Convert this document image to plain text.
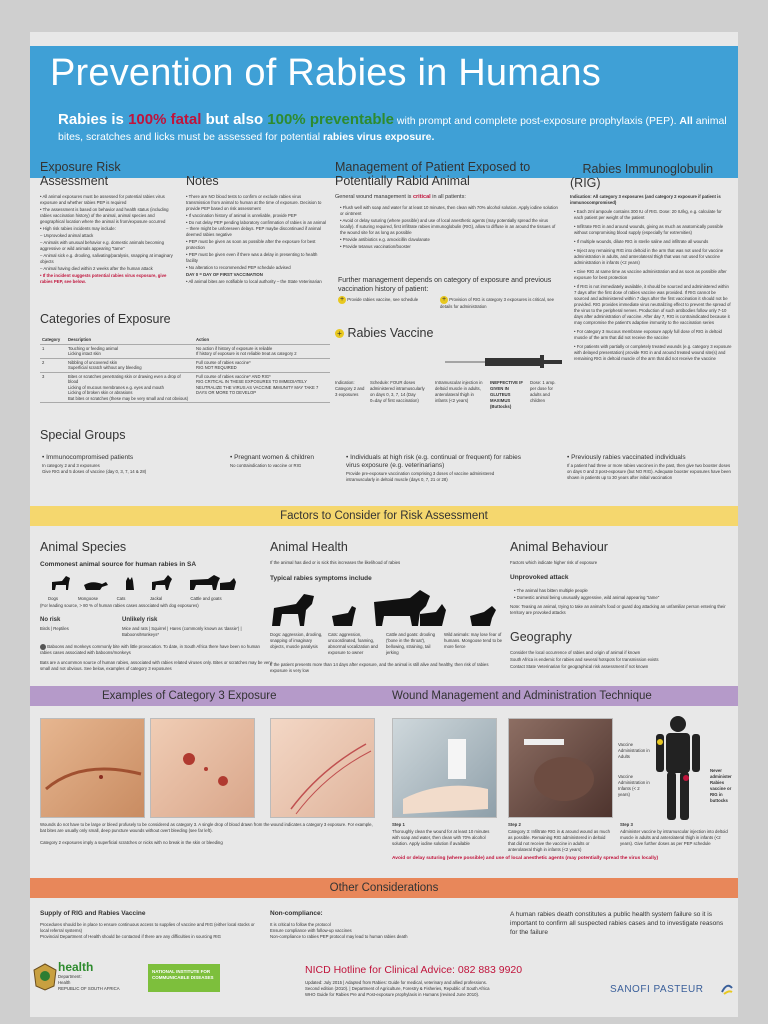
Prevention of Rabies in Humans
Rabies is 100% fatal but also 100% preventable with prompt and complete post-exposure prophylaxis (PEP). All animal bites, scratches and licks must be assessed for potential rabies virus exposure.
Exposure Risk Assessment

• All animal exposures must be assessed for potential rabies virus exposure and whether rabies PEP is required

• The assessment is based on behavior and health status (including rabies vaccination history) of the animal, animal species and geographical location where the animal is from/exposure occurred

• High risk rabies incidents may include:

– Unprovoked animal attack

– Animals with unusual behavior e.g. domestic animals becoming aggressive or wild animals appearing "tame"

– Animal sick e.g. drooling, salivating/paralysis, snapping at imaginary objects

– Animal having died within 2 weeks after the human attack

• If the incident suggests potential rabies virus exposure, give rabies PEP, see below.

Notes

• There are NO blood tests to confirm or exclude rabies virus transmission from animal to human at the time of exposure. Decision to provide PEP based on risk assessment

• If vaccination history of animal is unreliable, provide PEP

• Do not delay PEP pending laboratory confirmation of rabies in an animal – there might be unforeseen delays. PEP maybe discontinued if animal deemed rabies negative

• PEP must be given as soon as possible after the exposure for best protection

• PEP must be given even if there was a delay in presenting to health facility

• No alteration to recommended PEP schedule advised

DAY 0 = DAY OF FIRST VACCINATION

• All animal bites are notifiable to local authority – the State Veterinarian

Categories of Exposure
Category	Description	Action
1	Touching or feeding animal
Licking intact skin	No action if history of exposure is reliable
If history of exposure is not reliable treat as category 2
2	Nibbling of uncovered skin
Superficial scratch without any bleeding	Full course of rabies vaccine*
RIG NOT REQUIRED
3	Bites or scratches penetrating skin or drawing even a drop of blood
Licking of mucous membranes e.g. eyes and mouth
Licking of broken skin or abrasions
Bat bites or scratches (these may be very small and not obvious)	Full course of rabies vaccine* AND RIG*
RIG CRITICAL IN THESE EXPOSURES TO IMMEDIATELY NEUTRALIZE THE VIRUS AS VACCINE IMMUNITY MAY TAKE 7 DAYS OR MORE TO DEVELOP
Management of Patient Exposed to Potentially Rabid Animal
General wound management is critical in all patients:

• Flush well with soap and water for at least 10 minutes, then clean with 70% alcohol solution. Apply iodine solution or ointment

• Avoid or delay suturing (where possible) and use of local anesthetic agents (may potentially spread the virus locally). If suturing required, first infiltrate rabies immunoglobulin (RIG), allow to diffuse in an around the tissues of the wound site for as long as possible

• Provide antibiotics e.g. amoxicillin clavulanate

• Provide tetanus vaccination/booster

Further management depends on category of exposure and previous vaccination history of patient:
+ Provide rabies vaccine, see schedule	+ Provision of RIG is category 3 exposures is critical, see details for administration
+ Rabies Vaccine
Indication: Category 2 and 3 exposures
Schedule: FOUR doses administered intramuscularly on days 0, 3, 7, 14 (Day 0=day of first vaccination)
Intramuscular injection in deltoid muscle in adults, anterolateral thigh in infants (<2 years)
INEFFECTIVE IF GIVEN IN GLUTEUS MAXIMUS (Buttocks)
Dose: 1 amp. per dose for adults and children
Rabies Immunoglobulin (RIG)
Indication: All category 3 exposures (and category 2 exposure if patient is immunocompromised)

• Each 2ml ampoule contains 300 IU of RIG. Dose: 20 IU/kg, e.g. calculate for each patient per weight of the patient

• Infiltrate RIG in and around wounds, giving as much as anatomically possible without compromising blood supply (especially for extremities)

• If multiple wounds, dilute RIG in sterile saline and infiltrate all wounds

• Inject any remaining RIG into deltoid in the arm that was not used for vaccine administration in adults, and anterolateral thigh that was not used for vaccine administration in infants (<2 years)

• Give RIG at same time as vaccine administration and as soon as possible after exposure for best protection

• If RIG is not immediately available, it should be sourced and administered within 7 days after the first dose of rabies vaccine was provided. If RIG cannot be sourced and administered within 7 days after the first vaccination it should not be provided. RIG provides immediate virus neutralizing effect to prevent the spread of the virus to the peripheral nerves. Production of such antibodies follow only 7-10 days after administration of vaccine. After day 7, RIG is contraindicated because it may compromise the patient's adaptive immunity to the vaccination series

• For category 3 mucous membrane exposure apply full dose of RIG in deltoid muscle of the arm that did not receive the vaccine

• For patients with partially or completely treated wounds (e.g. category 3 exposure with delayed presentation) provide RIG in and around treated wound site(s) and remaining RIG in deltoid muscle of the arm that did not receive the vaccine

Special Groups

• Immunocompromised patients

In category 2 and 3 exposures
Give RIG and 5 doses of vaccine (day 0, 3, 7, 14 & 28)

• Pregnant women & children

No contraindication to vaccine or RIG

• Individuals at high risk (e.g. continual or frequent) for rabies virus exposure (e.g. veterinarians)

Provide pre-exposure vaccination comprising 3 doses of vaccine administered intramuscularly in deltoid muscle (days 0, 7, 21 or 28)

• Previously rabies vaccinated individuals

If a patient had three or more rabies vaccines in the past, then give two booster doses on days 0 and 3 post-exposure (but NO RIG). Adequate booster exposures have been shown in patients up to 30 years after initial vaccination

Factors to Consider for Risk Assessment
Animal Species
Commonest animal source for human rabies in SA
Dogs	Mongoose	Cats	Jackal	Cattle and goats
(For leading source, > 80 % of human rabies cases associated with dog exposures)
No risk
Birds | Reptiles
Unlikely risk
Mice and rats | Squirrel | Hares (commonly known as 'dassie') | Baboons/Monkeys*
Baboons and monkeys commonly bite with little provocation. To date, in South Africa there have been no human rabies cases associated with baboons/monkeys
Bats are a uncommon source of human rabies, associated with rabies related viruses only. Bites or scratches may be very small and not obvious. See below, examples of category 3 exposures
Animal Health
If the animal has died or is sick this increases the likelihood of rabies
Typical rabies symptoms include
Dogs: aggression, drooling, snapping of imaginary objects, muscle paralysis
Cats: aggression, uncoordinated, foaming, abnormal vocalization and exposure to owner
Cattle and goats: drooling ('bone in the throat'), bellowing, straining, tail jerking
Wild animals: may lose fear of humans. Mongoose tend to be more fierce
If the patient presents more than 14 days after exposure, and the animal is still alive and healthy, then risk of rabies exposure is very low
Animal Behaviour
Factors which indicate higher risk of exposure
Unprovoked attack

• The animal has bitten multiple people

• Domestic animal being unusually aggressive, wild animal appearing "tame"

Note: Teasing an animal, trying to take an animal's food or guard dog attacking an unfamiliar person entering their territory are provoked attacks
Geography

Consider the local occurrence of rabies and origin of animal if known

South Africa is endemic for rabies and several hotspots for transmission exists

Contact State Veterinarian for geographical risk assessment if not known

Examples of Category 3 Exposure	Wound Management and Administration Technique
Vaccine Administration in Adults
Vaccine Administration in Infants (< 2 years)
Never administer Rabies vaccine or RIG in buttocks
Wounds do not have to be large or bleed profusely to be considered as category 3. A single drop of blood drawn from the wound indicates a category 3 exposure. For example, bat bites are usually only small, deep puncture wounds without overt bleeding (see far left).
Category 2 exposures imply a superficial scratches or nicks with no break in the skin or bleeding

Step 1

Thoroughly clean the wound for at least 10 minutes with soap and water, then clean with 70% alcohol solution. Apply iodine solution if available

Step 2

Category 3: Infiltrate RIG in & around wound as much as possible. Remaining RIG administered in deltoid that did not receive the vaccine in adults or anterolateral thigh in infants (<2 years)

Step 3

Administer vaccine by intramuscular injection into deltoid muscle in adults and anterolateral thigh in infants (<2 years). Give further doses as per PEP schedule

Avoid or delay suturing (where possible) and use of local anesthetic agents (may potentially spread the virus locally)
Other Considerations
Supply of RIG and Rabies Vaccine
Procedures should be in place to ensure continuous access to supplies of vaccine and RIG (either local stocks or local referral systems)
Provincial Department of Health should be contacted if there are any difficulties in sourcing RIG
Non-compliance:
It is critical to follow the protocol
Ensure compliance with follow-up vaccines
Non-compliance to rabies PEP protocol may lead to human rabies death
A human rabies death constitutes a public health system failure so it is important to confirm all suspected rabies cases and to investigate reasons for the failure
health
Department:
Health
REPUBLIC OF SOUTH AFRICA
NATIONAL INSTITUTE FOR COMMUNICABLE DISEASES
NICD Hotline for Clinical Advice: 082 883 9920
Updated: July 2015 | Adapted from Rabies: Guide for medical, veterinary and allied professions.
Second edition (2010). | Department of Agriculture, Forestry & Fisheries, Republic of South Africa
WHO Guide for Rabies Pre and Post-exposure prophylaxis in Humans (revised June 2010).	SANOFI PASTEUR
